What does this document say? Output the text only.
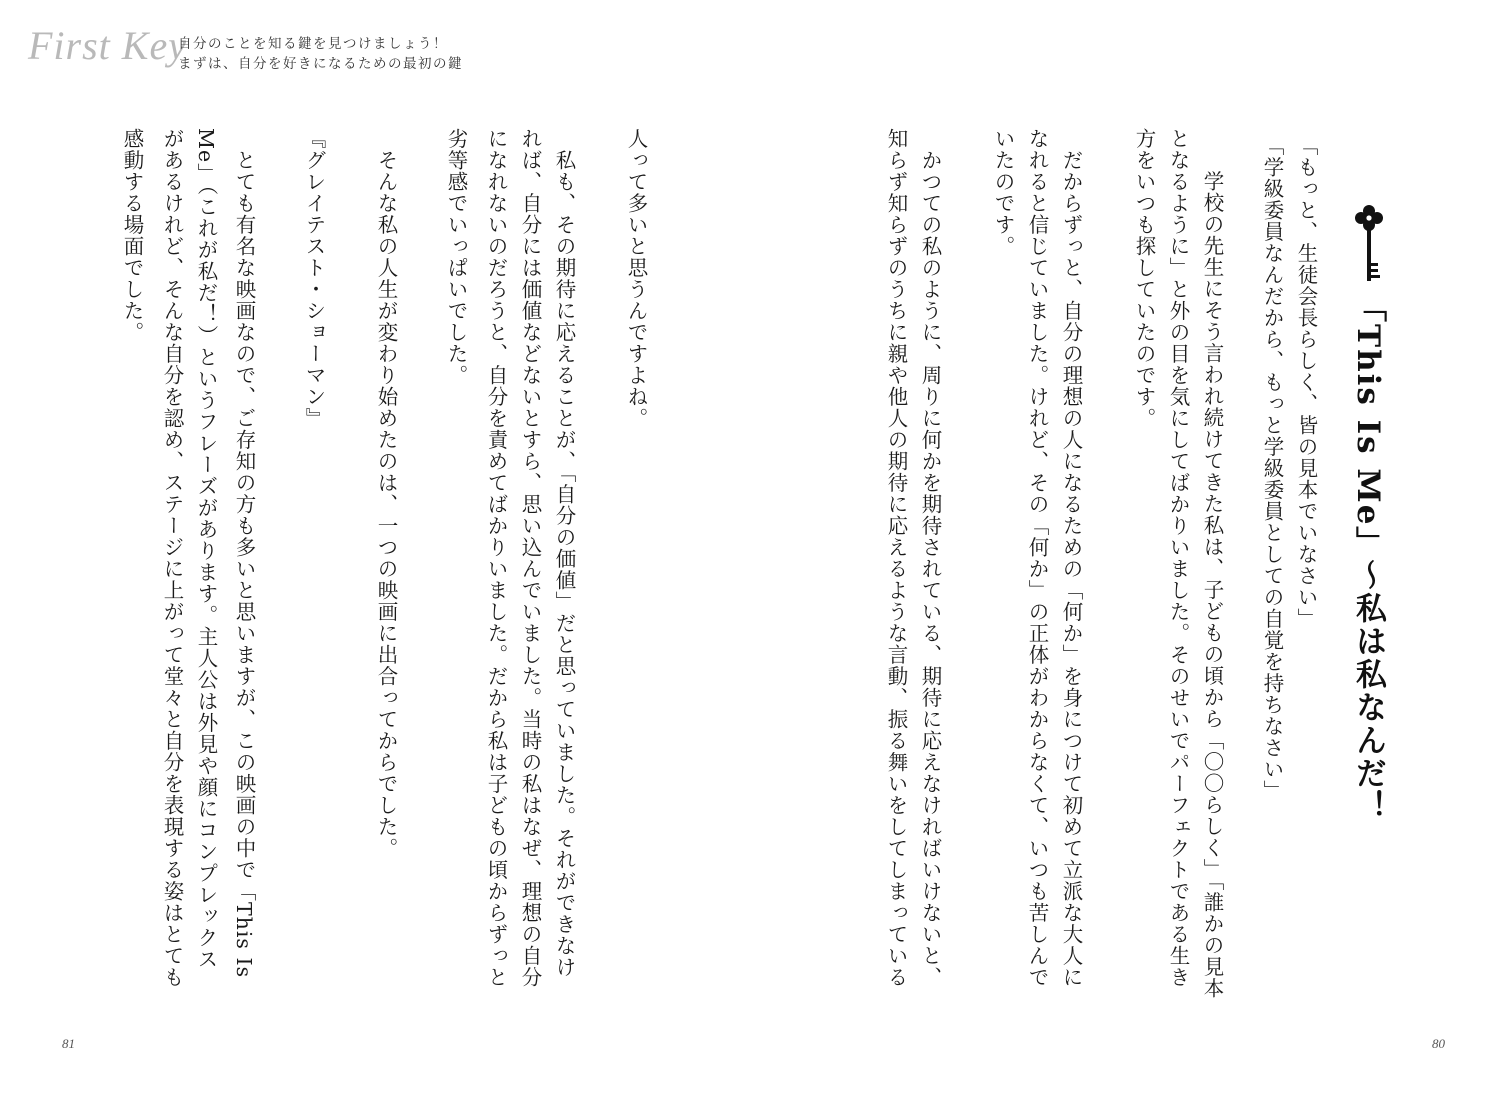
First Key
自分のことを知る鍵を見つけましょう！
まずは、自分を好きになるための最初の鍵
「This Is Me」～私は私なんだ！
「もっと、生徒会長らしく、皆の見本でいなさい」
「学級委員なんだから、もっと学級委員としての自覚を持ちなさい」
　学校の先生にそう言われ続けてきた私は、子どもの頃から「〇〇らしく」「誰かの見本
となるように」と外の目を気にしてばかりいました。そのせいでパーフェクトである生き
方をいつも探していたのです。
　だからずっと、自分の理想の人になるための「何か」を身につけて初めて立派な大人に
なれると信じていました。けれど、その「何か」の正体がわからなくて、いつも苦しんで
いたのです。
　かつての私のように、周りに何かを期待されている、期待に応えなければいけないと、
知らず知らずのうちに親や他人の期待に応えるような言動、振る舞いをしてしまっている
人って多いと思うんですよね。
　私も、その期待に応えることが、「自分の価値」だと思っていました。それができなけ
れば、自分には価値などないとすら、思い込んでいました。当時の私はなぜ、理想の自分
になれないのだろうと、自分を責めてばかりいました。だから私は子どもの頃からずっと
劣等感でいっぱいでした。
　そんな私の人生が変わり始めたのは、一つの映画に出合ってからでした。
『グレイテスト・ショーマン』
　とても有名な映画なので、ご存知の方も多いと思いますが、この映画の中で「This Is
Me」（これが私だ！）というフレーズがあります。主人公は外見や顔にコンプレックス
があるけれど、そんな自分を認め、ステージに上がって堂々と自分を表現する姿はとても
感動する場面でした。
81	80
